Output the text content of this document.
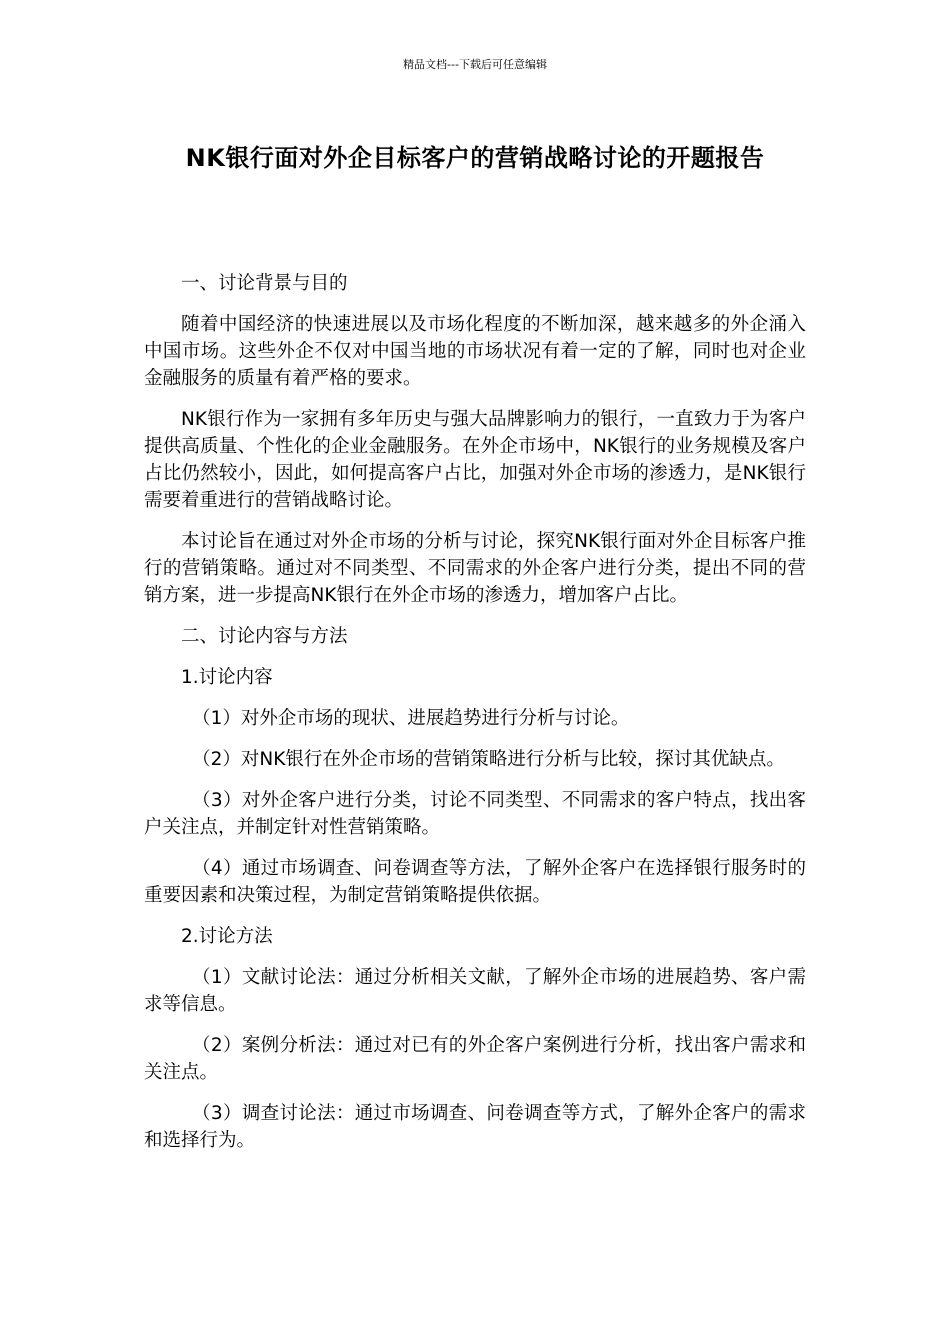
精品文档---下载后可任意编辑
NK银行面对外企目标客户的营销战略讨论的开题报告

一、讨论背景与目的

随着中国经济的快速进展以及市场化程度的不断加深，越来越多的外企涌入中国市场。这些外企不仅对中国当地的市场状况有着一定的了解，同时也对企业金融服务的质量有着严格的要求。

NK银行作为一家拥有多年历史与强大品牌影响力的银行，一直致力于为客户提供高质量、个性化的企业金融服务。在外企市场中，NK银行的业务规模及客户占比仍然较小，因此，如何提高客户占比，加强对外企市场的渗透力，是NK银行需要着重进行的营销战略讨论。

本讨论旨在通过对外企市场的分析与讨论，探究NK银行面对外企目标客户推行的营销策略。通过对不同类型、不同需求的外企客户进行分类，提出不同的营销方案，进一步提高NK银行在外企市场的渗透力，增加客户占比。

二、讨论内容与方法

1.讨论内容

（1）对外企市场的现状、进展趋势进行分析与讨论。

（2）对NK银行在外企市场的营销策略进行分析与比较，探讨其优缺点。

（3）对外企客户进行分类，讨论不同类型、不同需求的客户特点，找出客户关注点，并制定针对性营销策略。

（4）通过市场调查、问卷调查等方法，了解外企客户在选择银行服务时的重要因素和决策过程，为制定营销策略提供依据。

2.讨论方法

（1）文献讨论法：通过分析相关文献，了解外企市场的进展趋势、客户需求等信息。

（2）案例分析法：通过对已有的外企客户案例进行分析，找出客户需求和关注点。

（3）调查讨论法：通过市场调查、问卷调查等方式，了解外企客户的需求和选择行为。
